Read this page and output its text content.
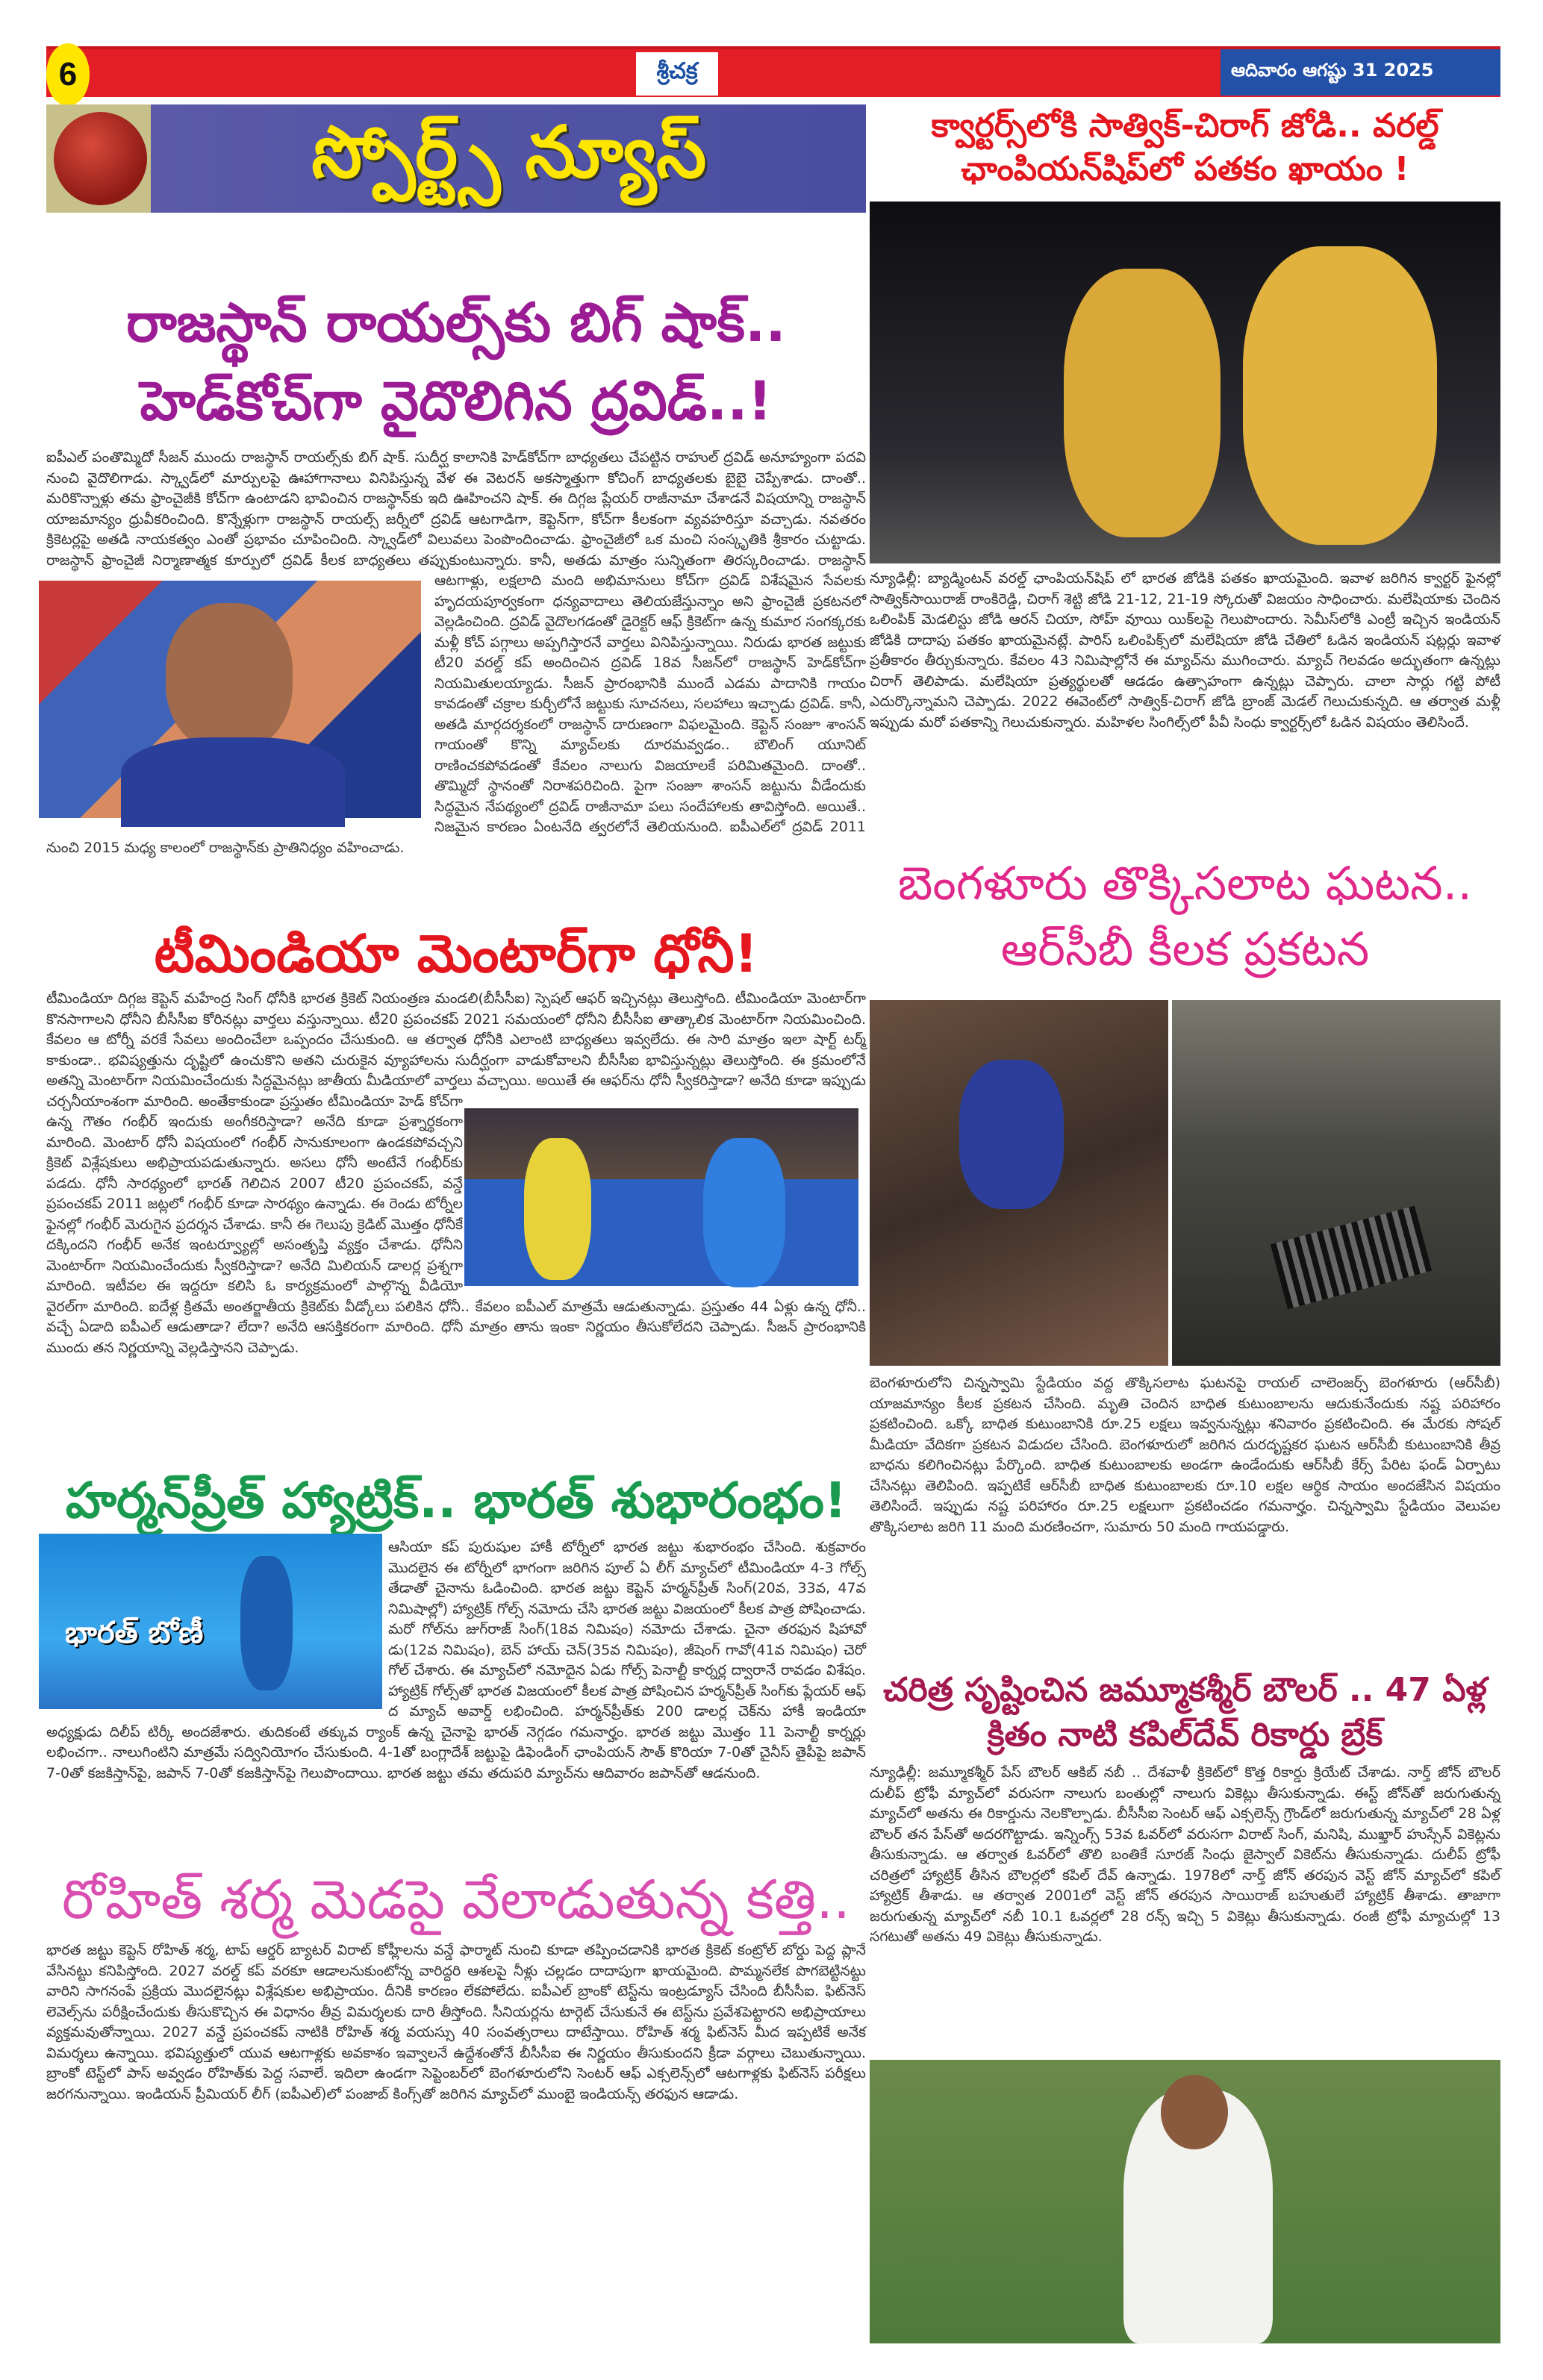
6	శ్రీచక్ర	ఆదివారం ఆగష్టు 31 2025
స్పోర్ట్స్ న్యూస్
రాజస్థాన్ రాయల్స్‌కు బిగ్ షాక్.. హెడ్‌కోచ్‌గా వైదొలిగిన ద్రవిడ్..!
ఐపీఎల్ పంతొమ్మిదో సీజన్ ముందు రాజస్థాన్ రాయల్స్‌కు బిగ్ షాక్. సుదీర్ఘ కాలానికి హెడ్‌కోచ్‌గా బాధ్యతలు చేపట్టిన రాహుల్ ద్రవిడ్ అనూహ్యంగా పదవి నుంచి వైదొలిగాడు. స్క్వాడ్‌లో మార్పులపై ఊహాగానాలు వినిపిస్తున్న వేళ ఈ వెటరన్ అకస్మాత్తుగా కోచింగ్ బాధ్యతలకు బైబై చెప్పేశాడు. దాంతో.. మరికొన్నాళ్లు తమ ఫ్రాంచైజీకి కోచ్‌గా ఉంటాడని భావించిన రాజస్థాన్‌కు ఇది ఊహించని షాక్. ఈ దిగ్గజ ప్లేయర్ రాజీనామా చేశాడనే విషయాన్ని రాజస్థాన్ యాజమాన్యం ధ్రువీకరించింది. కొన్నేళ్లుగా రాజస్థాన్ రాయల్స్ జర్నీలో ద్రవిడ్ ఆటగాడిగా, కెప్టెన్‌గా, కోచ్‌గా కీలకంగా వ్యవహరిస్తూ వచ్చాడు. నవతరం క్రికెటర్లపై అతడి నాయకత్వం ఎంతో ప్రభావం చూపించింది. స్క్వాడ్‌లో విలువలు పెంపొందించాడు. ఫ్రాంచైజీలో ఒక మంచి సంస్కృతికి శ్రీకారం చుట్టాడు. రాజస్థాన్ ఫ్రాంచైజీ నిర్మాణాత్మక కూర్పులో ద్రవిడ్ కీలక బాధ్యతలు తప్పుకుంటున్నారు. కానీ, అతడు మాత్రం సున్నితంగా తిరస్కరించాడు. రాజస్థాన్ ఆటగాళ్లు, లక్షలాది మంది అభిమానులు కోచ్‌గా ద్రవిడ్ విశేషమైన సేవలకు హృదయపూర్వకంగా ధన్యవాదాలు తెలియజేస్తున్నాం అని ఫ్రాంచైజీ ప్రకటనలో వెల్లడించింది. ద్రవిడ్ వైదొలగడంతో డైరెక్టర్ ఆఫ్ క్రికెట్‌గా ఉన్న కుమార సంగక్కరకు మళ్లీ కోచ్ పగ్గాలు అప్పగిస్తారనే వార్తలు వినిపిస్తున్నాయి. నిరుడు భారత జట్టుకు టీ20 వరల్డ్ కప్ అందించిన ద్రవిడ్ 18వ సీజన్‌లో రాజస్థాన్ హెడ్‌కోచ్‌గా నియమితులయ్యాడు. సీజన్ ప్రారంభానికి ముందే ఎడమ పాదానికి గాయం కావడంతో చక్రాల కుర్చీలోనే జట్టుకు సూచనలు, సలహాలు ఇచ్చాడు ద్రవిడ్. కానీ, అతడి మార్గదర్శకంలో రాజస్థాన్ దారుణంగా విఫలమైంది. కెప్టెన్ సంజూ శాంసన్ గాయంతో కొన్ని మ్యాచ్‌లకు దూరమవ్వడం.. బౌలింగ్ యూనిట్ రాణించకపోవడంతో కేవలం నాలుగు విజయాలకే పరిమితమైంది. దాంతో.. తొమ్మిదో స్థానంతో నిరాశపరిచింది. పైగా సంజూ శాంసన్ జట్టును వీడేందుకు సిద్ధమైన నేపథ్యంలో ద్రవిడ్ రాజీనామా పలు సందేహాలకు తావిస్తోంది. అయితే.. నిజమైన కారణం ఏంటనేది త్వరలోనే తెలియనుంది. ఐపీఎల్‌లో ద్రవిడ్ 2011 నుంచి 2015 మధ్య కాలంలో రాజస్థాన్‌కు ప్రాతినిధ్యం వహించాడు.
టీమిండియా మెంటార్‌గా ధోనీ!
టీమిండియా దిగ్గజ కెప్టెన్ మహేంద్ర సింగ్ ధోనీకి భారత క్రికెట్ నియంత్రణ మండలి(బీసీసీఐ) స్పెషల్ ఆఫర్ ఇచ్చినట్లు తెలుస్తోంది. టీమిండియా మెంటార్‌గా కొనసాగాలని ధోనీని బీసీసీఐ కోరినట్లు వార్తలు వస్తున్నాయి. టీ20 ప్రపంచకప్ 2021 సమయంలో ధోనీని బీసీసీఐ తాత్కాలిక మెంటార్‌గా నియమించింది. కేవలం ఆ టోర్నీ వరకే సేవలు అందించేలా ఒప్పందం చేసుకుంది. ఆ తర్వాత ధోనీకి ఎలాంటి బాధ్యతలు ఇవ్వలేదు. ఈ సారి మాత్రం ఇలా షార్ట్ టర్మ్ కాకుండా.. భవిష్యత్తును దృష్టిలో ఉంచుకొని అతని చురుకైన వ్యూహాలను సుదీర్ఘంగా వాడుకోవాలని బీసీసీఐ భావిస్తున్నట్లు తెలుస్తోంది. ఈ క్రమంలోనే అతన్ని మెంటార్‌గా నియమించేందుకు సిద్ధమైనట్లు జాతీయ మీడియాలో వార్తలు వచ్చాయి. అయితే ఈ ఆఫర్‌ను ధోనీ స్వీకరిస్తాడా? అనేది కూడా ఇప్పుడు చర్చనీయాంశంగా మారింది. అంతేకాకుండా ప్రస్తుతం టీమిండియా హెడ్ కోచ్‌గా ఉన్న గౌతం గంభీర్ ఇందుకు అంగీకరిస్తాడా? అనేది కూడా ప్రశ్నార్థకంగా మారింది. మెంటార్ ధోనీ విషయంలో గంభీర్ సానుకూలంగా ఉండకపోవచ్చని క్రికెట్ విశ్లేషకులు అభిప్రాయపడుతున్నారు. అసలు ధోనీ అంటేనే గంభీర్‌కు పడదు. ధోనీ సారథ్యంలో భారత్ గెలిచిన 2007 టీ20 ప్రపంచకప్, వన్డే ప్రపంచకప్ 2011 జట్లలో గంభీర్ కూడా సారథ్యం ఉన్నాడు. ఈ రెండు టోర్నీల ఫైనల్లో గంభీర్ మెరుగైన ప్రదర్శన చేశాడు. కానీ ఈ గెలుపు క్రెడిట్ మొత్తం ధోనీకే దక్కిందని గంభీర్ అనేక ఇంటర్వ్యూల్లో అసంతృప్తి వ్యక్తం చేశాడు. ధోనీని మెంటార్‌గా నియమించేందుకు స్వీకరిస్తాడా? అనేది మిలియన్ డాలర్ల ప్రశ్నగా మారింది. ఇటీవల ఈ ఇద్దరూ కలిసి ఓ కార్యక్రమంలో పాల్గొన్న వీడియో వైరల్‌గా మారింది. ఐదేళ్ల క్రితమే అంతర్జాతీయ క్రికెట్‌కు వీడ్కోలు పలికిన ధోనీ.. కేవలం ఐపీఎల్ మాత్రమే ఆడుతున్నాడు. ప్రస్తుతం 44 ఏళ్లు ఉన్న ధోనీ.. వచ్చే ఏడాది ఐపీఎల్ ఆడుతాడా? లేదా? అనేది ఆసక్తికరంగా మారింది. ధోనీ మాత్రం తాను ఇంకా నిర్ణయం తీసుకోలేదని చెప్పాడు. సీజన్ ప్రారంభానికి ముందు తన నిర్ణయాన్ని వెల్లడిస్తానని చెప్పాడు.
హర్మన్‌ప్రీత్ హ్యాట్రిక్.. భారత్ శుభారంభం!
భారత్ బోణీ
ఆసియా కప్ పురుషుల హాకీ టోర్నీలో భారత జట్టు శుభారంభం చేసింది. శుక్రవారం మొదలైన ఈ టోర్నీలో భాగంగా జరిగిన పూల్ ఏ లీగ్ మ్యాచ్‌లో టీమిండియా 4-3 గోల్స్ తేడాతో చైనాను ఓడించింది. భారత జట్టు కెప్టెన్ హర్మన్‌ప్రీత్ సింగ్(20వ, 33వ, 47వ నిమిషాల్లో) హ్యాట్రిక్ గోల్స్ నమోదు చేసి భారత జట్టు విజయంలో కీలక పాత్ర పోషించాడు. మరో గోల్‌ను జుగ్‌రాజ్ సింగ్(18వ నిమిషం) నమోదు చేశాడు. చైనా తరఫున షిహావో డు(12వ నిమిషం), బెన్ హాయ్ చెన్(35వ నిమిషం), జీషెంగ్ గావో(41వ నిమిషం) చెరో గోల్ చేశారు. ఈ మ్యాచ్‌లో నమోదైన ఏడు గోల్స్ పెనాల్టీ కార్నర్ల ద్వారానే రావడం విశేషం. హ్యాట్రిక్ గోల్స్‌తో భారత విజయంలో కీలక పాత్ర పోషించిన హర్మన్‌ప్రీత్ సింగ్‌కు ప్లేయర్ ఆఫ్ ద మ్యాచ్ అవార్డ్ లభించింది. హర్మన్‌ప్రీత్‌కు 200 డాలర్ల చెక్‌ను హాకీ ఇండియా అధ్యక్షుడు దిలీప్ టిర్కీ అందజేశారు. తుదికంటే తక్కువ ర్యాంక్ ఉన్న చైనాపై భారత్ నెగ్గడం గమనార్హం. భారత జట్టు మొత్తం 11 పెనాల్టీ కార్నర్లు లభించగా.. నాలుగింటిని మాత్రమే సద్వినియోగం చేసుకుంది. 4-1తో బంగ్లాదేశ్ జట్టుపై డిఫెండింగ్ ఛాంపియన్ సౌత్ కొరియా 7-0తో చైనీస్ తైపీపై జపాన్ 7-0తో కజకిస్తాన్‌పై, జపాన్ 7-0తో కజకిస్తాన్‌పై గెలుపొందాయి. భారత జట్టు తమ తదుపరి మ్యాచ్‌ను ఆదివారం జపాన్‌తో ఆడనుంది.
రోహిత్ శర్మ మెడపై వేలాడుతున్న కత్తి..
భారత జట్టు కెప్టెన్ రోహిత్ శర్మ, టాప్ ఆర్డర్ బ్యాటర్ విరాట్ కోహ్లీలను వన్డే ఫార్మాట్ నుంచి కూడా తప్పించడానికి భారత క్రికెట్ కంట్రోల్ బోర్డు పెద్ద ప్లానే వేసినట్టు కనిపిస్తోంది. 2027 వరల్డ్ కప్ వరకూ ఆడాలనుకుంటోన్న వారిద్దరి ఆశలపై నీళ్లు చల్లడం దాదాపుగా ఖాయమైంది. పొమ్మనలేక పొగబెట్టినట్టు వారిని సాగనంపే ప్రక్రియ మొదలైనట్లు విశ్లేషకుల అభిప్రాయం. దీనికి కారణం లేకపోలేదు. ఐపీఎల్ బ్రాంకో టెస్ట్‌ను ఇంట్రడ్యూస్ చేసింది బీసీసీఐ. ఫిట్‌నెస్ లెవెల్స్‌ను పరీక్షించేందుకు తీసుకొచ్చిన ఈ విధానం తీవ్ర విమర్శలకు దారి తీస్తోంది. సీనియర్లను టార్గెట్ చేసుకునే ఈ టెస్ట్‌ను ప్రవేశపెట్టారని అభిప్రాయాలు వ్యక్తమవుతోన్నాయి. 2027 వన్డే ప్రపంచకప్ నాటికి రోహిత్ శర్మ వయస్సు 40 సంవత్సరాలు దాటేస్తాయి. రోహిత్ శర్మ ఫిట్‌నెస్ మీద ఇప్పటికే అనేక విమర్శలు ఉన్నాయి. భవిష్యత్తులో యువ ఆటగాళ్లకు అవకాశం ఇవ్వాలనే ఉద్దేశంతోనే బీసీసీఐ ఈ నిర్ణయం తీసుకుందని క్రీడా వర్గాలు చెబుతున్నాయి. బ్రాంకో టెస్ట్‌లో పాస్ అవ్వడం రోహిత్‌కు పెద్ద సవాలే. ఇదిలా ఉండగా సెప్టెంబర్‌లో బెంగళూరులోని సెంటర్ ఆఫ్ ఎక్సలెన్స్‌లో ఆటగాళ్లకు ఫిట్‌నెస్ పరీక్షలు జరగనున్నాయి. ఇండియన్ ప్రీమియర్ లీగ్ (ఐపీఎల్)లో పంజాబ్ కింగ్స్‌తో జరిగిన మ్యాచ్‌లో ముంబై ఇండియన్స్ తరఫున ఆడాడు.
క్వార్టర్స్‌లోకి సాత్విక్-చిరాగ్ జోడి.. వరల్డ్ ఛాంపియన్‌షిప్‌లో పతకం ఖాయం !
న్యూఢిల్లీ: బ్యాడ్మింటన్ వరల్డ్ ఛాంపియన్‌షిప్ లో భారత జోడికి పతకం ఖాయమైంది. ఇవాళ జరిగిన క్వార్టర్ ఫైనల్లో సాత్విక్‌సాయిరాజ్ రాంకిరెడ్డి, చిరాగ్ శెట్టి జోడి 21-12, 21-19 స్కోరుతో విజయం సాధించారు. మలేషియాకు చెందిన ఒలింపిక్ మెడలిస్టు జోడి ఆరన్ చియా, సోహ్ వూయి యిక్‌లపై గెలుపొందారు. సెమీస్‌లోకి ఎంట్రీ ఇచ్చిన ఇండియన్ జోడికి దాదాపు పతకం ఖాయమైనట్లే. పారిస్ ఒలింపిక్స్‌లో మలేషియా జోడి చేతిలో ఓడిన ఇండియన్ షట్లర్లు ఇవాళ ప్రతీకారం తీర్చుకున్నారు. కేవలం 43 నిమిషాల్లోనే ఈ మ్యాచ్‌ను ముగించారు. మ్యాచ్ గెలవడం అద్భుతంగా ఉన్నట్లు చిరాగ్ తెలిపాడు. మలేషియా ప్రత్యర్థులతో ఆడడం ఉత్సాహంగా ఉన్నట్లు చెప్పారు. చాలా సార్లు గట్టి పోటీ ఎదుర్కొన్నామని చెప్పాడు. 2022 ఈవెంట్‌లో సాత్విక్-చిరాగ్ జోడి బ్రాంజ్ మెడల్ గెలుచుకున్నది. ఆ తర్వాత మళ్లీ ఇప్పుడు మరో పతకాన్ని గెలుచుకున్నారు. మహిళల సింగిల్స్‌లో పీవీ సింధు క్వార్టర్స్‌లో ఓడిన విషయం తెలిసిందే.
బెంగళూరు తొక్కిసలాట ఘటన.. ఆర్‌సీబీ కీలక ప్రకటన
బెంగళూరులోని చిన్నస్వామి స్టేడియం వద్ద తొక్కిసలాట ఘటనపై రాయల్ చాలెంజర్స్ బెంగళూరు (ఆర్‌సీబీ) యాజమాన్యం కీలక ప్రకటన చేసింది. మృతి చెందిన బాధిత కుటుంబాలను ఆదుకునేందుకు నష్ట పరిహారం ప్రకటించింది. ఒక్కో బాధిత కుటుంబానికి రూ.25 లక్షలు ఇవ్వనున్నట్లు శనివారం ప్రకటించింది. ఈ మేరకు సోషల్ మీడియా వేదికగా ప్రకటన విడుదల చేసింది. బెంగళూరులో జరిగిన దురదృష్టకర ఘటన ఆర్‌సీబీ కుటుంబానికి తీవ్ర బాధను కలిగించినట్లు పేర్కొంది. బాధిత కుటుంబాలకు అండగా ఉండేందుకు ఆర్‌సీబీ కేర్స్ పేరిట ఫండ్ ఏర్పాటు చేసినట్లు తెలిపింది. ఇప్పటికే ఆర్‌సీబీ బాధిత కుటుంబాలకు రూ.10 లక్షల ఆర్థిక సాయం అందజేసిన విషయం తెలిసిందే. ఇప్పుడు నష్ట పరిహారం రూ.25 లక్షలుగా ప్రకటించడం గమనార్హం. చిన్నస్వామి స్టేడియం వెలుపల తొక్కిసలాట జరిగి 11 మంది మరణించగా, సుమారు 50 మంది గాయపడ్డారు.
చరిత్ర సృష్టించిన జమ్మూకశ్మీర్ బౌలర్ .. 47 ఏళ్ల క్రితం నాటి కపిల్‌దేవ్ రికార్డు బ్రేక్
న్యూఢిల్లీ: జమ్మూకశ్మీర్ పేస్ బౌలర్ ఆకిబ్ నబీ .. దేశవాళీ క్రికెట్‌లో కొత్త రికార్డు క్రియేట్ చేశాడు. నార్త్ జోన్ బౌలర్ దులీప్ ట్రోఫీ మ్యాచ్‌లో వరుసగా నాలుగు బంతుల్లో నాలుగు వికెట్లు తీసుకున్నాడు. ఈస్ట్ జోన్‌తో జరుగుతున్న మ్యాచ్‌లో అతను ఈ రికార్డును నెలకొల్పాడు. బీసీసీఐ సెంటర్ ఆఫ్ ఎక్సలెన్స్ గ్రౌండ్‌లో జరుగుతున్న మ్యాచ్‌లో 28 ఏళ్ల బౌలర్ తన పేస్‌తో అదరగొట్టాడు. ఇన్నింగ్స్ 53వ ఓవర్‌లో వరుసగా విరాట్ సింగ్, మనిషి, ముఖ్తార్ హుస్సేన్ వికెట్లను తీసుకున్నాడు. ఆ తర్వాత ఓవర్‌లో తొలి బంతికే సూరజ్ సింధు జైస్వాల్ వికెట్‌ను తీసుకున్నాడు. దులీప్ ట్రోఫీ చరిత్రలో హ్యాట్రిక్ తీసిన బౌలర్లలో కపిల్ దేవ్ ఉన్నాడు. 1978లో నార్త్ జోన్ తరపున వెస్ట్ జోన్ మ్యాచ్‌లో కపిల్ హ్యాట్రిక్ తీశాడు. ఆ తర్వాత 2001లో వెస్ట్ జోన్ తరపున సాయిరాజ్ బహుతులే హ్యాట్రిక్ తీశాడు. తాజాగా జరుగుతున్న మ్యాచ్‌లో నబీ 10.1 ఓవర్లలో 28 రన్స్ ఇచ్చి 5 వికెట్లు తీసుకున్నాడు. రంజీ ట్రోఫీ మ్యాచుల్లో 13 సగటుతో అతను 49 వికెట్లు తీసుకున్నాడు.
